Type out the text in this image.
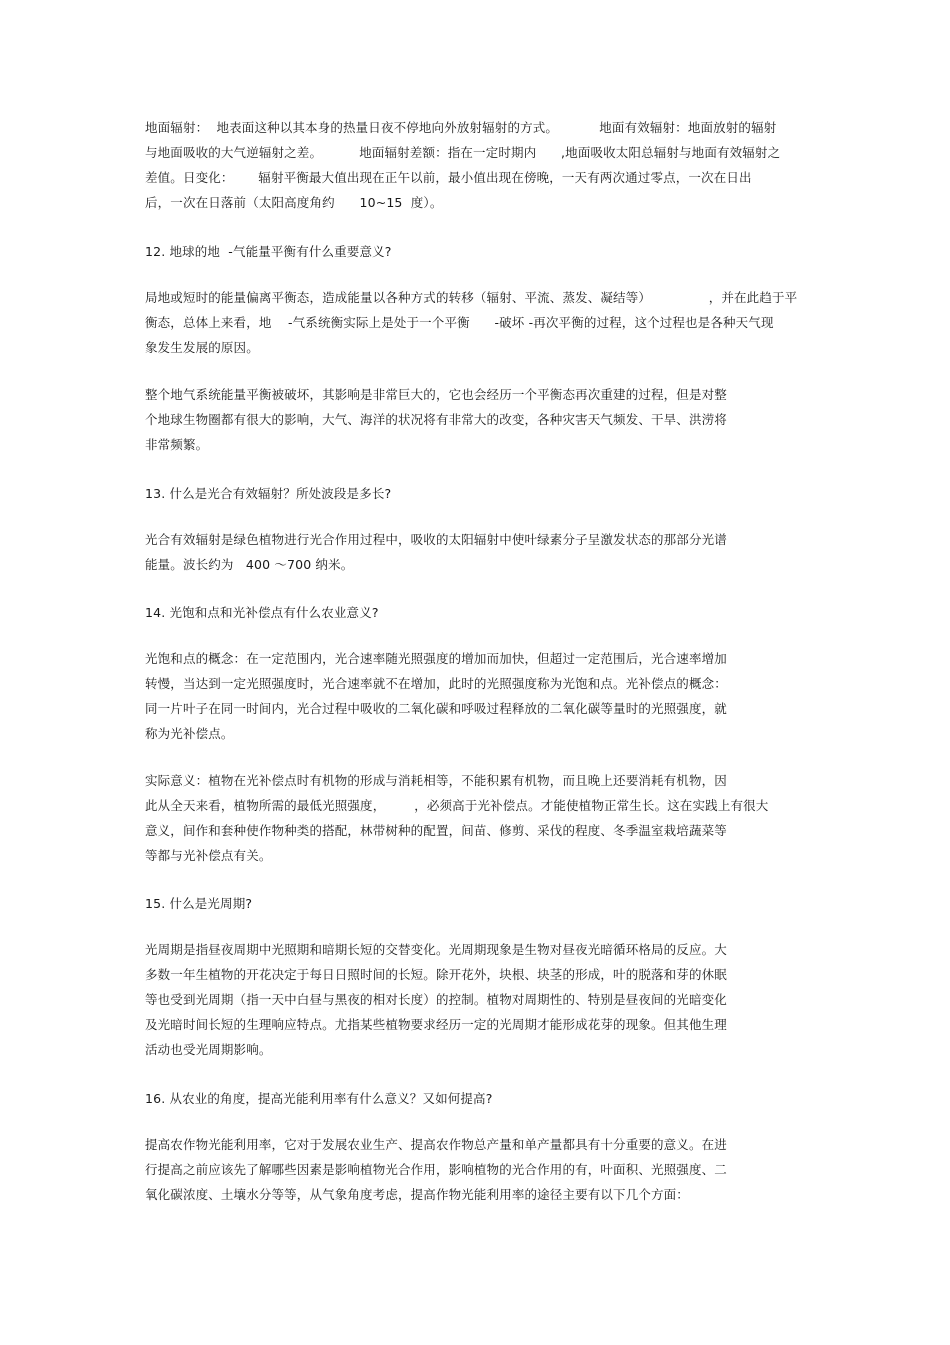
地面辐射：  地表面这种以其本身的热量日夜不停地向外放射辐射的方式。          地面有效辐射：地面放射的辐射
与地面吸收的大气逆辐射之差。         地面辐射差额：指在一定时期内      ,地面吸收太阳总辐射与地面有效辐射之
差值。日变化：      辐射平衡最大值出现在正午以前，最小值出现在傍晚，一天有两次通过零点，一次在日出
后，一次在日落前（太阳高度角约      10~15  度）。
12. 地球的地  -气能量平衡有什么重要意义?
局地或短时的能量偏离平衡态，造成能量以各种方式的转移（辐射、平流、蒸发、凝结等）              ，并在此趋于平
衡态，总体上来看，地    -气系统衡实际上是处于一个平衡      -破坏 -再次平衡的过程，这个过程也是各种天气现
象发生发展的原因。
整个地气系统能量平衡被破坏，其影响是非常巨大的，它也会经历一个平衡态再次重建的过程，但是对整
个地球生物圈都有很大的影响，大气、海洋的状况将有非常大的改变，各种灾害天气频发、干旱、洪涝将
非常频繁。
13. 什么是光合有效辐射？所处波段是多长?
光合有效辐射是绿色植物进行光合作用过程中，吸收的太阳辐射中使叶绿素分子呈激发状态的那部分光谱
能量。波长约为   400 ～700 纳米。
14. 光饱和点和光补偿点有什么农业意义?
光饱和点的概念：在一定范围内，光合速率随光照强度的增加而加快，但超过一定范围后，光合速率增加
转慢，当达到一定光照强度时，光合速率就不在增加，此时的光照强度称为光饱和点。光补偿点的概念：
同一片叶子在同一时间内，光合过程中吸收的二氧化碳和呼吸过程释放的二氧化碳等量时的光照强度，就
称为光补偿点。
实际意义：植物在光补偿点时有机物的形成与消耗相等，不能积累有机物，而且晚上还要消耗有机物，因
此从全天来看，植物所需的最低光照强度，       ，必须高于光补偿点。才能使植物正常生长。这在实践上有很大
意义，间作和套种使作物种类的搭配，林带树种的配置，间苗、修剪、采伐的程度、冬季温室栽培蔬菜等
等都与光补偿点有关。
15. 什么是光周期?
光周期是指昼夜周期中光照期和暗期长短的交替变化。光周期现象是生物对昼夜光暗循环格局的反应。大
多数一年生植物的开花决定于每日日照时间的长短。除开花外，块根、块茎的形成，叶的脱落和芽的休眠
等也受到光周期（指一天中白昼与黑夜的相对长度）的控制。植物对周期性的、特别是昼夜间的光暗变化
及光暗时间长短的生理响应特点。尤指某些植物要求经历一定的光周期才能形成花芽的现象。但其他生理
活动也受光周期影响。
16. 从农业的角度，提高光能利用率有什么意义？又如何提高?
提高农作物光能利用率，它对于发展农业生产、提高农作物总产量和单产量都具有十分重要的意义。在进
行提高之前应该先了解哪些因素是影响植物光合作用，影响植物的光合作用的有，叶面积、光照强度、二
氧化碳浓度、土壤水分等等，从气象角度考虑，提高作物光能利用率的途径主要有以下几个方面：
